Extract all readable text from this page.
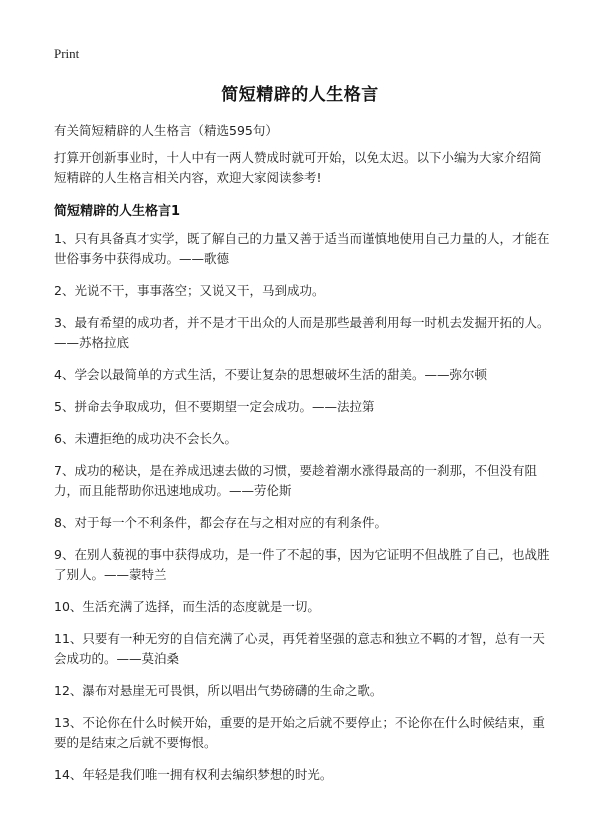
Print
简短精辟的人生格言

有关简短精辟的人生格言（精选595句）

打算开创新事业时，十人中有一两人赞成时就可开始，以免太迟。以下小编为大家介绍简短精辟的人生格言相关内容，欢迎大家阅读参考!

简短精辟的人生格言1
1、只有具备真才实学，既了解自己的力量又善于适当而谨慎地使用自己力量的人，才能在世俗事务中获得成功。——歌德
2、光说不干，事事落空；又说又干，马到成功。
3、最有希望的成功者，并不是才干出众的人而是那些最善利用每一时机去发掘开拓的人。——苏格拉底
4、学会以最简单的方式生活，不要让复杂的思想破坏生活的甜美。——弥尔顿
5、拼命去争取成功，但不要期望一定会成功。——法拉第
6、未遭拒绝的成功决不会长久。
7、成功的秘诀，是在养成迅速去做的习惯，要趁着潮水涨得最高的一刹那，不但没有阻力，而且能帮助你迅速地成功。——劳伦斯
8、对于每一个不利条件，都会存在与之相对应的有利条件。
9、在别人藐视的事中获得成功，是一件了不起的事，因为它证明不但战胜了自己，也战胜了别人。——蒙特兰
10、生活充满了选择，而生活的态度就是一切。
11、只要有一种无穷的自信充满了心灵，再凭着坚强的意志和独立不羁的才智，总有一天会成功的。——莫泊桑
12、瀑布对悬崖无可畏惧，所以唱出气势磅礴的生命之歌。
13、不论你在什么时候开始，重要的是开始之后就不要停止；不论你在什么时候结束，重要的是结束之后就不要悔恨。
14、年轻是我们唯一拥有权利去编织梦想的时光。
